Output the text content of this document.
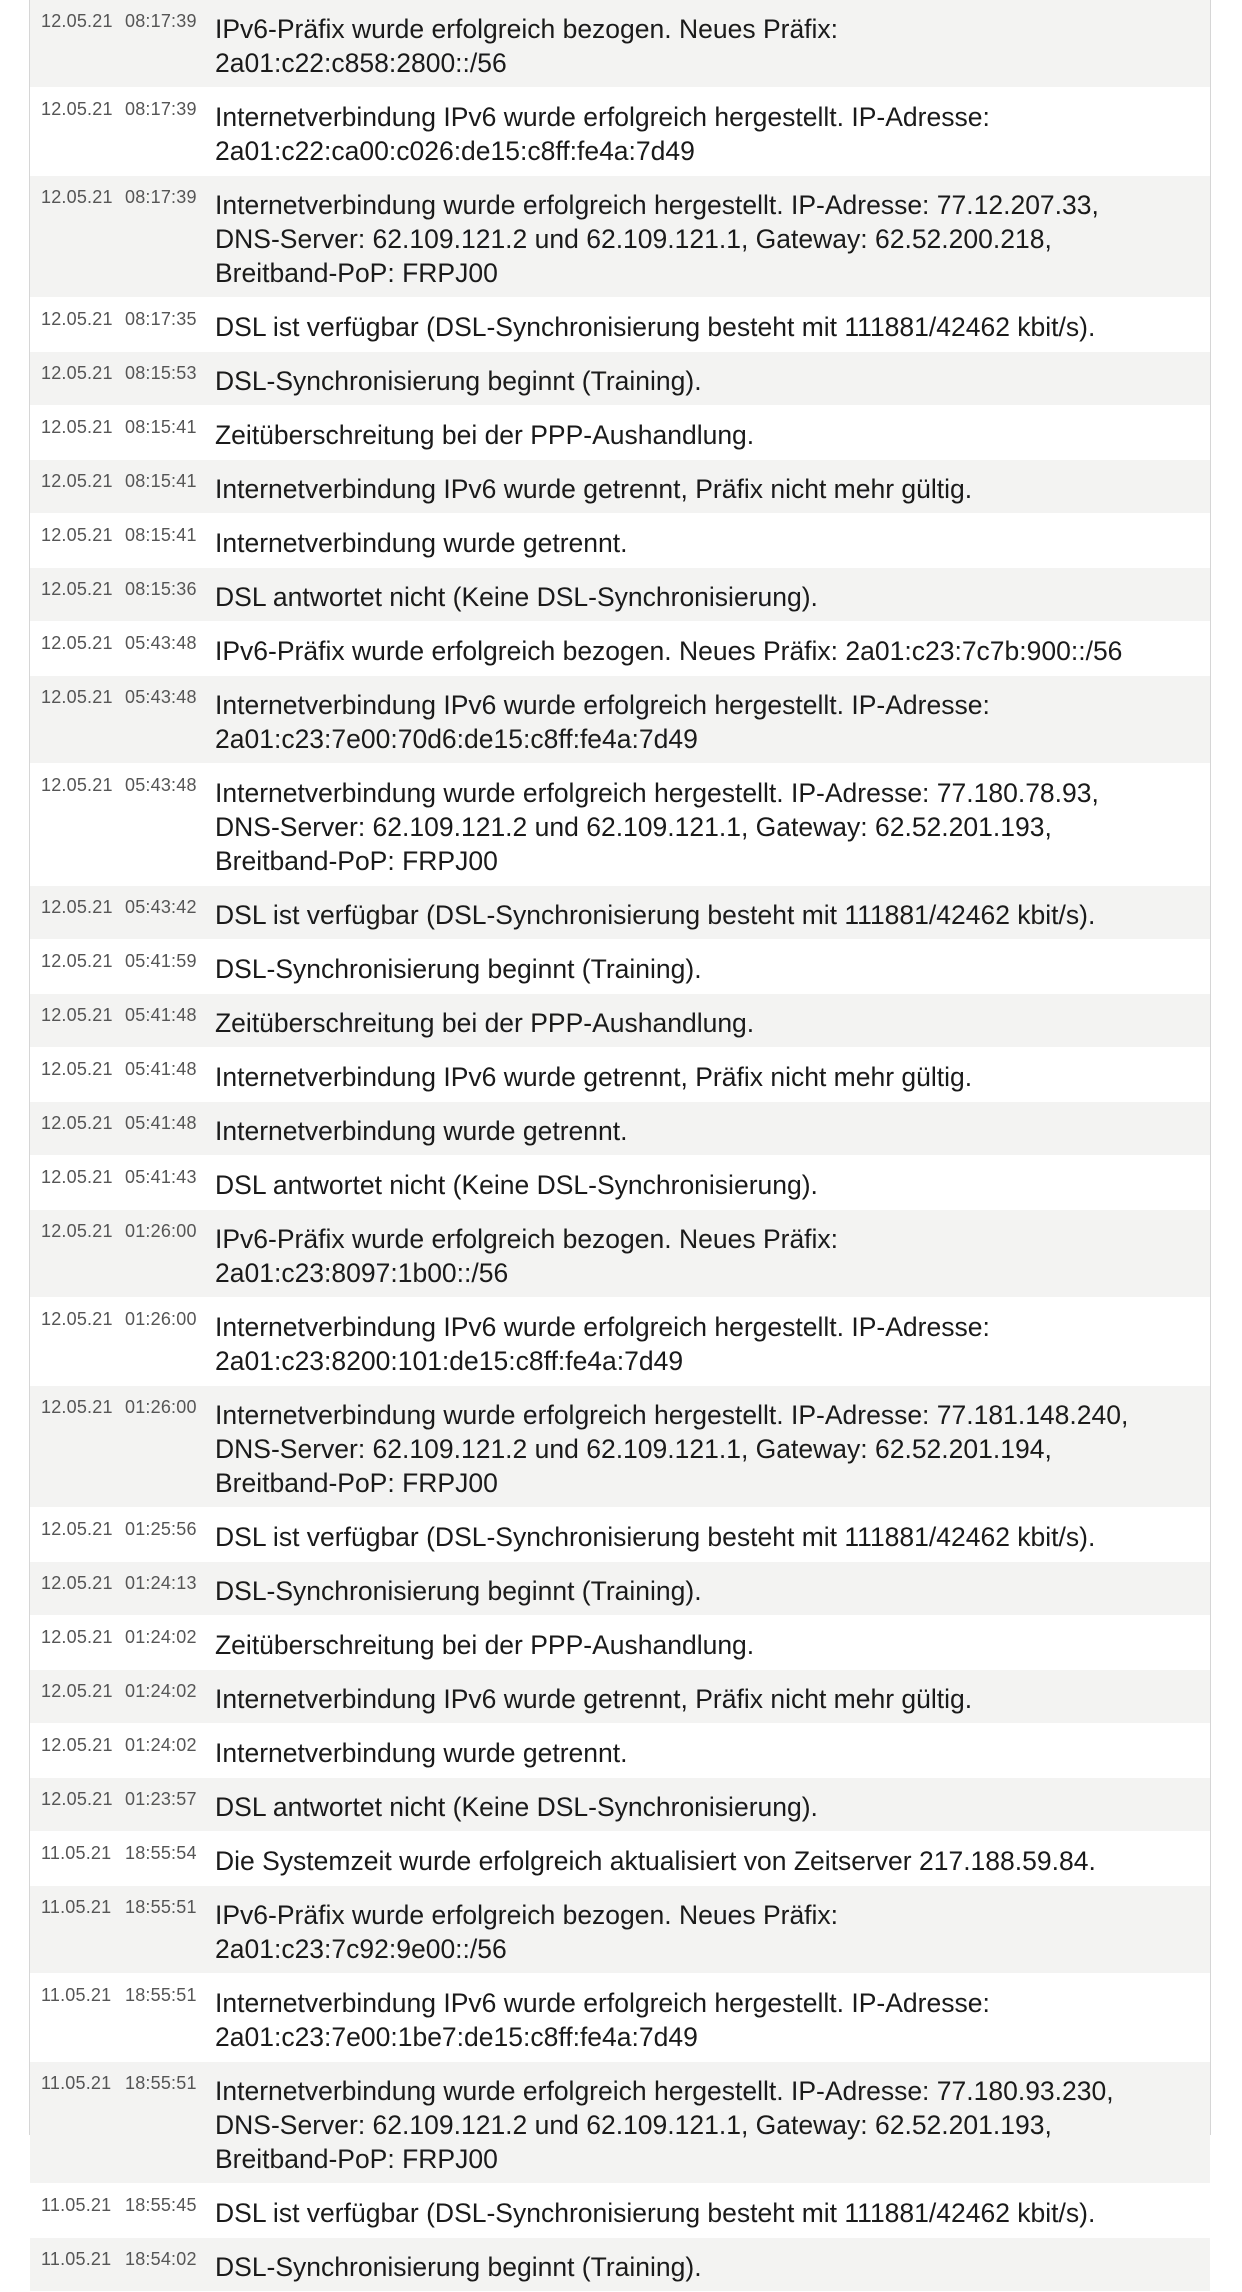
12.05.21 08:17:39 IPv6-Präfix wurde erfolgreich bezogen. Neues Präfix:
2a01:c22:c858:2800::/56
12.05.21 08:17:39 Internetverbindung IPv6 wurde erfolgreich hergestellt. IP-Adresse:
2a01:c22:ca00:c026:de15:c8ff:fe4a:7d49
12.05.21 08:17:39 Internetverbindung wurde erfolgreich hergestellt. IP-Adresse: 77.12.207.33,
DNS-Server: 62.109.121.2 und 62.109.121.1, Gateway: 62.52.200.218,
Breitband-PoP: FRPJ00
12.05.21 08:17:35 DSL ist verfügbar (DSL-Synchronisierung besteht mit 111881/42462 kbit/s).
12.05.21 08:15:53 DSL-Synchronisierung beginnt (Training).
12.05.21 08:15:41 Zeitüberschreitung bei der PPP-Aushandlung.
12.05.21 08:15:41 Internetverbindung IPv6 wurde getrennt, Präfix nicht mehr gültig.
12.05.21 08:15:41 Internetverbindung wurde getrennt.
12.05.21 08:15:36 DSL antwortet nicht (Keine DSL-Synchronisierung).
12.05.21 05:43:48 IPv6-Präfix wurde erfolgreich bezogen. Neues Präfix: 2a01:c23:7c7b:900::/56
12.05.21 05:43:48 Internetverbindung IPv6 wurde erfolgreich hergestellt. IP-Adresse:
2a01:c23:7e00:70d6:de15:c8ff:fe4a:7d49
12.05.21 05:43:48 Internetverbindung wurde erfolgreich hergestellt. IP-Adresse: 77.180.78.93,
DNS-Server: 62.109.121.2 und 62.109.121.1, Gateway: 62.52.201.193,
Breitband-PoP: FRPJ00
12.05.21 05:43:42 DSL ist verfügbar (DSL-Synchronisierung besteht mit 111881/42462 kbit/s).
12.05.21 05:41:59 DSL-Synchronisierung beginnt (Training).
12.05.21 05:41:48 Zeitüberschreitung bei der PPP-Aushandlung.
12.05.21 05:41:48 Internetverbindung IPv6 wurde getrennt, Präfix nicht mehr gültig.
12.05.21 05:41:48 Internetverbindung wurde getrennt.
12.05.21 05:41:43 DSL antwortet nicht (Keine DSL-Synchronisierung).
12.05.21 01:26:00 IPv6-Präfix wurde erfolgreich bezogen. Neues Präfix:
2a01:c23:8097:1b00::/56
12.05.21 01:26:00 Internetverbindung IPv6 wurde erfolgreich hergestellt. IP-Adresse:
2a01:c23:8200:101:de15:c8ff:fe4a:7d49
12.05.21 01:26:00 Internetverbindung wurde erfolgreich hergestellt. IP-Adresse: 77.181.148.240,
DNS-Server: 62.109.121.2 und 62.109.121.1, Gateway: 62.52.201.194,
Breitband-PoP: FRPJ00
12.05.21 01:25:56 DSL ist verfügbar (DSL-Synchronisierung besteht mit 111881/42462 kbit/s).
12.05.21 01:24:13 DSL-Synchronisierung beginnt (Training).
12.05.21 01:24:02 Zeitüberschreitung bei der PPP-Aushandlung.
12.05.21 01:24:02 Internetverbindung IPv6 wurde getrennt, Präfix nicht mehr gültig.
12.05.21 01:24:02 Internetverbindung wurde getrennt.
12.05.21 01:23:57 DSL antwortet nicht (Keine DSL-Synchronisierung).
11.05.21 18:55:54 Die Systemzeit wurde erfolgreich aktualisiert von Zeitserver 217.188.59.84.
11.05.21 18:55:51 IPv6-Präfix wurde erfolgreich bezogen. Neues Präfix:
2a01:c23:7c92:9e00::/56
11.05.21 18:55:51 Internetverbindung IPv6 wurde erfolgreich hergestellt. IP-Adresse:
2a01:c23:7e00:1be7:de15:c8ff:fe4a:7d49
11.05.21 18:55:51 Internetverbindung wurde erfolgreich hergestellt. IP-Adresse: 77.180.93.230,
DNS-Server: 62.109.121.2 und 62.109.121.1, Gateway: 62.52.201.193,
Breitband-PoP: FRPJ00
11.05.21 18:55:45 DSL ist verfügbar (DSL-Synchronisierung besteht mit 111881/42462 kbit/s).
11.05.21 18:54:02 DSL-Synchronisierung beginnt (Training).
